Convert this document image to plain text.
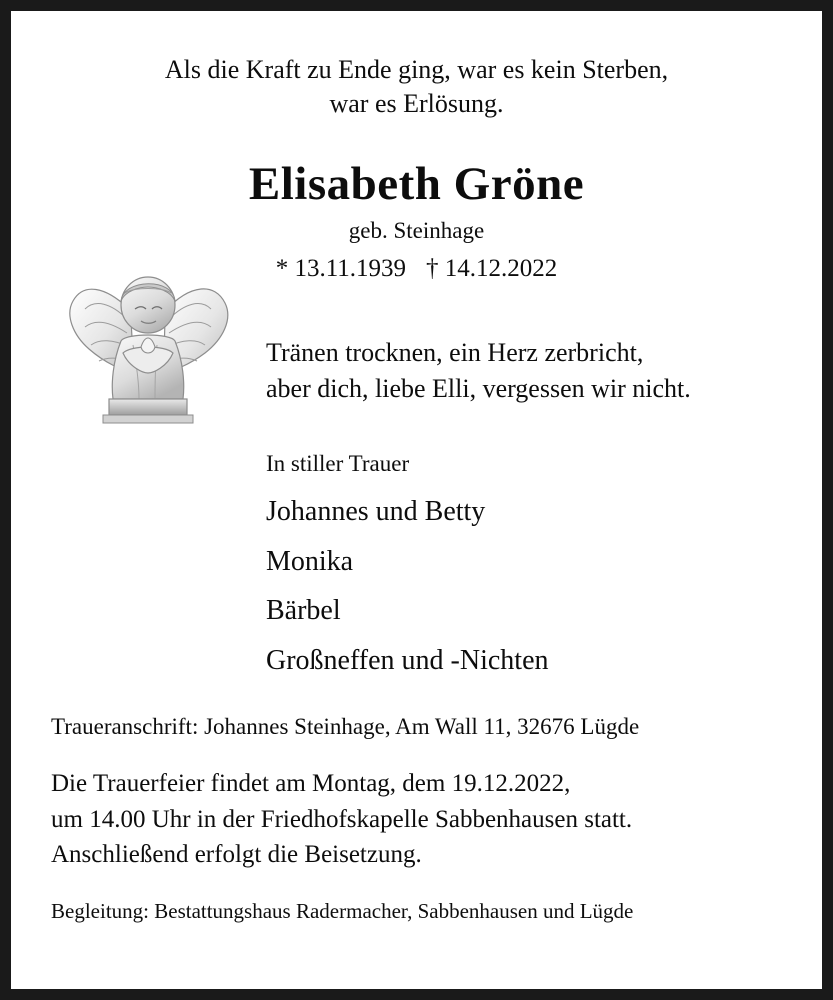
Als die Kraft zu Ende ging, war es kein Sterben,
war es Erlösung.
Elisabeth Gröne
geb. Steinhage
* 13.11.1939 † 14.12.2022
Tränen trocknen, ein Herz zerbricht,
aber dich, liebe Elli, vergessen wir nicht.
In stiller Trauer
Johannes und Betty
Monika
Bärbel
Großneffen und -Nichten
Traueranschrift: Johannes Steinhage, Am Wall 11, 32676 Lügde
Die Trauerfeier findet am Montag, dem 19.12.2022,
um 14.00 Uhr in der Friedhofskapelle Sabbenhausen statt.
Anschließend erfolgt die Beisetzung.
Begleitung: Bestattungshaus Radermacher, Sabbenhausen und Lügde
